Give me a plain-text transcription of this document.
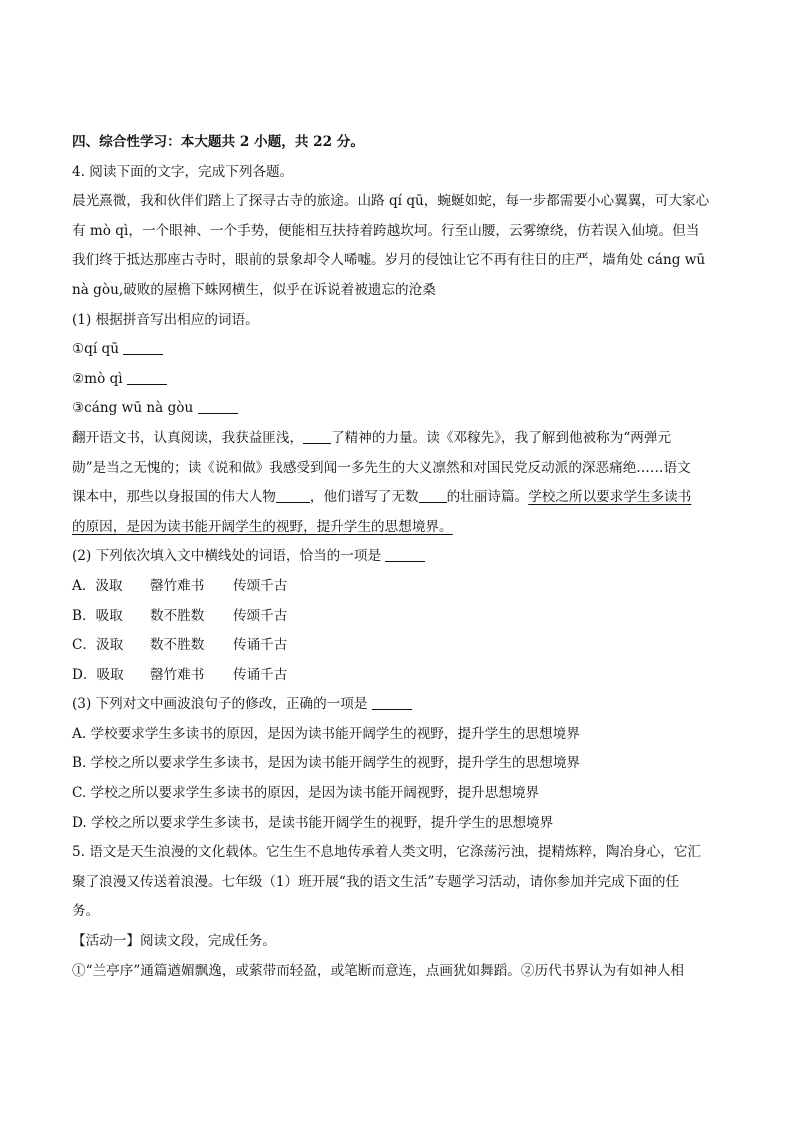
四、综合性学习：本大题共 2 小题，共 22 分。
4. 阅读下面的文字，完成下列各题。
晨光熹微，我和伙伴们踏上了探寻古寺的旅途。山路 qí qū，蜿蜒如蛇，每一步都需要小心翼翼，可大家心
有 mò qì，一个眼神、一个手势，便能相互扶持着跨越坎坷。行至山腰，云雾缭绕，仿若误入仙境。但当
我们终于抵达那座古寺时，眼前的景象却令人唏嘘。岁月的侵蚀让它不再有往日的庄严，墙角处 cáng wū
nà gòu,破败的屋檐下蛛网横生，似乎在诉说着被遗忘的沧桑
(1) 根据拼音写出相应的词语。
①qí qū
②mò qì
③cáng wū nà gòu
翻开语文书，认真阅读，我获益匪浅， 了精神的力量。读《邓稼先》，我了解到他被称为“两弹元
勋”是当之无愧的；读《说和做》我感受到闻一多先生的大义凛然和对国民党反动派的深恶痛绝……语文
课本中，那些以身报国的伟大人物	，他们谱写了无数 的壮丽诗篇。学校之所以要求学生多读书
的原因，是因为读书能开阔学生的视野，提升学生的思想境界。
(2) 下列依次填入文中横线处的词语，恰当的一项是
A．汲取	罄竹难书	传颂千古
B．吸取	数不胜数	传颂千古
C．汲取	数不胜数	传诵千古
D．吸取	罄竹难书	传诵千古
(3) 下列对文中画波浪句子的修改，正确的一项是
A. 学校要求学生多读书的原因，是因为读书能开阔学生的视野，提升学生的思想境界
B. 学校之所以要求学生多读书，是因为读书能开阔学生的视野，提升学生的思想境界
C. 学校之所以要求学生多读书的原因，是因为读书能开阔视野，提升思想境界
D. 学校之所以要求学生多读书，是读书能开阔学生的视野，提升学生的思想境界
5. 语文是天生浪漫的文化载体。它生生不息地传承着人类文明，它涤荡污浊，提精炼粹，陶冶身心，它汇
聚了浪漫又传送着浪漫。七年级（1）班开展“我的语文生活”专题学习活动，请你参加并完成下面的任
务。
【活动一】阅读文段，完成任务。
①“兰亭序”通篇遒媚飘逸，或萦带而轻盈，或笔断而意连，点画犹如舞蹈。②历代书界认为有如神人相
